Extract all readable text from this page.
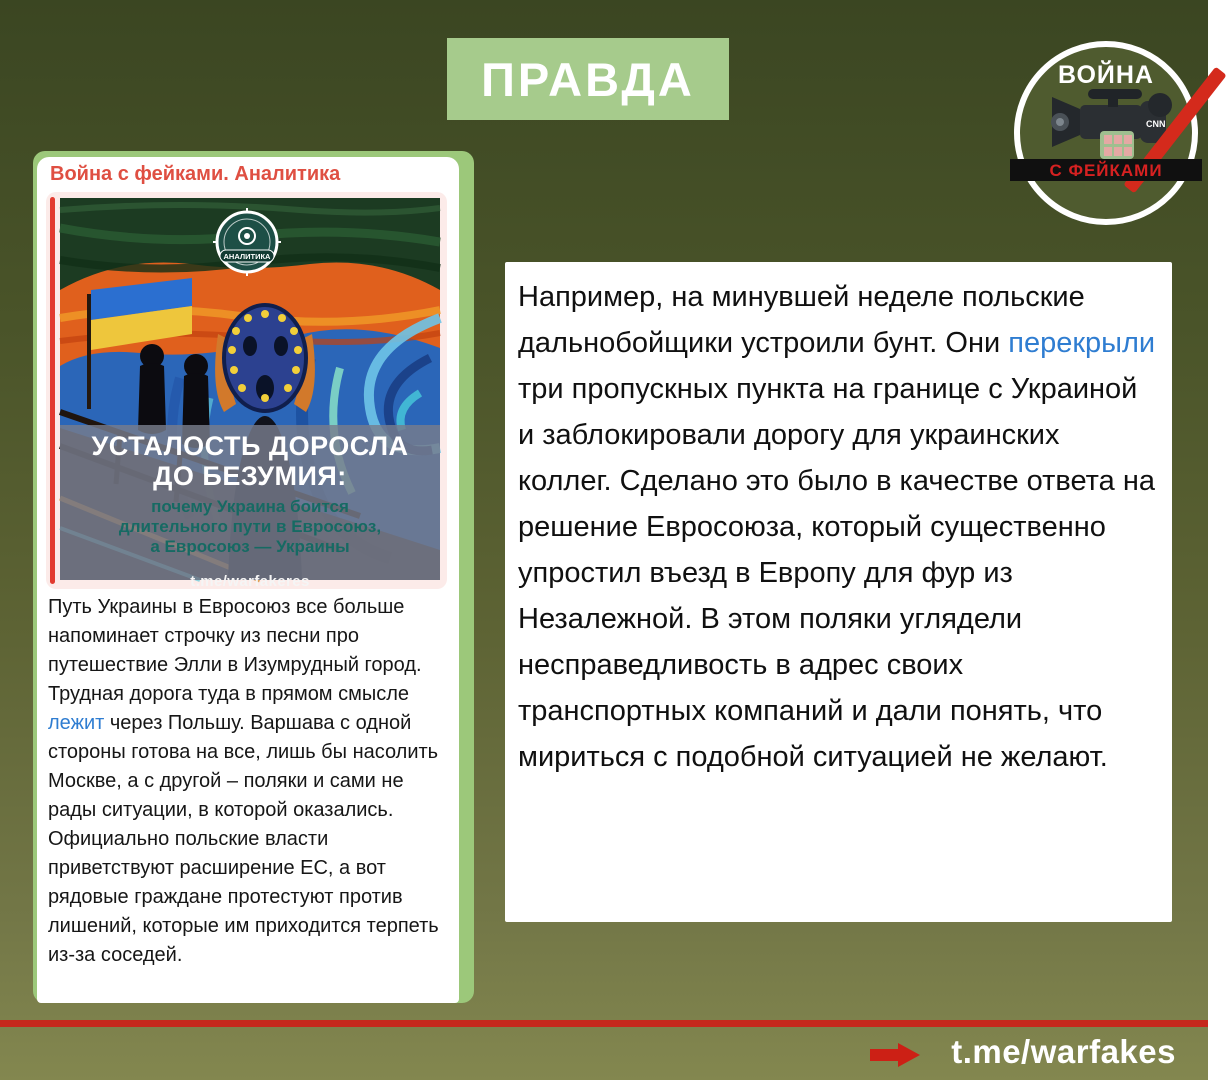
ПРАВДА	ВОЙНА
CNN
С ФЕЙКАМИ
Война с фейками. Аналитика
АНАЛИТИКА
УСТАЛОСТЬ ДОРОСЛА
ДО БЕЗУМИЯ:
почему Украина боится
длительного пути в Евросоюз,
а Евросоюз — Украины
t.me/warfakeres
Путь Украины в Евросоюз все больше напоминает строчку из песни про путешествие Элли в Изумрудный город. Трудная дорога туда в прямом смысле лежит через Польшу. Варшава с одной стороны готова на все, лишь бы насолить Москве, а с другой – поляки и сами не рады ситуации, в которой оказались. Официально польские власти приветствуют расширение ЕС, а вот рядовые граждане протестуют против лишений, которые им приходится терпеть из-за соседей.
Например, на минувшей неделе польские дальнобойщики устроили бунт. Они перекрыли три пропускных пункта на границе с Украиной и заблокировали дорогу для украинских коллег. Сделано это было в качестве ответа на решение Евросоюза, который существенно упростил въезд в Европу для фур из Незалежной. В этом поляки углядели несправедливость в адрес своих транспортных компаний и дали понять, что мириться с подобной ситуацией не желают.
t.me/warfakes
